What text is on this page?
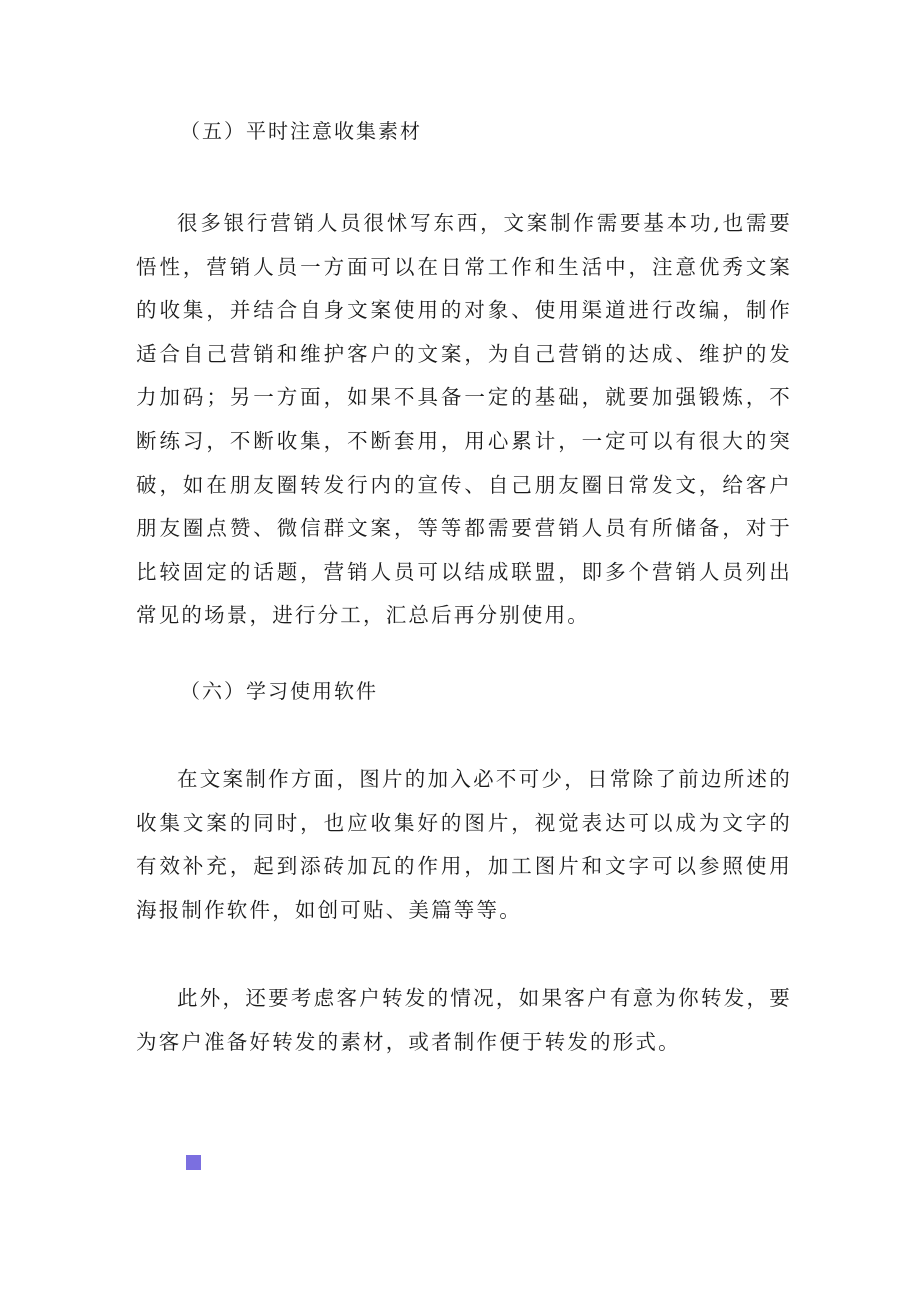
（五）平时注意收集素材

很多银行营销人员很怵写东西，文案制作需要基本功,也需要悟性，营销人员一方面可以在日常工作和生活中，注意优秀文案的收集，并结合自身文案使用的对象、使用渠道进行改编，制作适合自己营销和维护客户的文案，为自己营销的达成、维护的发力加码；另一方面，如果不具备一定的基础，就要加强锻炼，不断练习，不断收集，不断套用，用心累计，一定可以有很大的突破，如在朋友圈转发行内的宣传、自己朋友圈日常发文，给客户朋友圈点赞、微信群文案，等等都需要营销人员有所储备，对于比较固定的话题，营销人员可以结成联盟，即多个营销人员列出常见的场景，进行分工，汇总后再分别使用。

（六）学习使用软件

在文案制作方面，图片的加入必不可少，日常除了前边所述的收集文案的同时，也应收集好的图片，视觉表达可以成为文字的有效补充，起到添砖加瓦的作用，加工图片和文字可以参照使用海报制作软件，如创可贴、美篇等等。

此外，还要考虑客户转发的情况，如果客户有意为你转发，要为客户准备好转发的素材，或者制作便于转发的形式。
